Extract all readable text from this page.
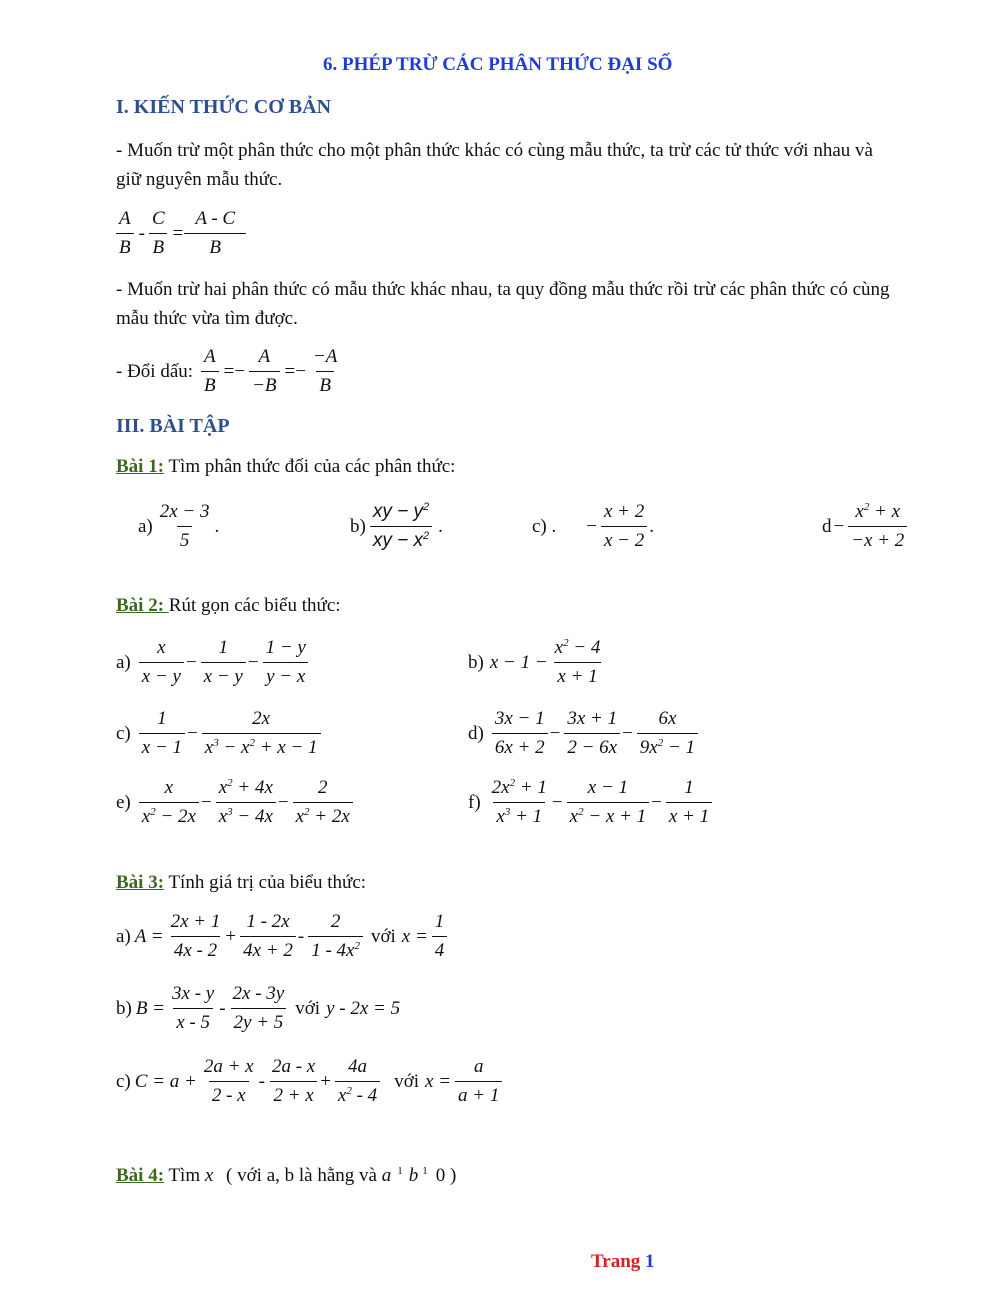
6. PHÉP TRỪ CÁC PHÂN THỨC ĐẠI SỐ
I. KIẾN THỨC CƠ BẢN
- Muốn trừ một phân thức cho một phân thức khác có cùng mẫu thức, ta trừ các tử thức với nhau và giữ nguyên mẫu thức.
$\frac{A}{B} - \frac{C}{B} = \frac{A - C}{B}$
- Muốn trừ hai phân thức có mẫu thức khác nhau, ta quy đồng mẫu thức rồi trừ các phân thức có cùng mẫu thức vừa tìm được.
- Đổi dấu: $\frac{A}{B} =- \frac{A}{-B} =- \frac{-A}{B}$
III. BÀI TẬP
Bài 1: Tìm phân thức đối của các phân thức:
$a) \frac{2x - 3}{5}$ .	$b) \frac{xy - y^2}{xy - x^2}$ .	c) . − $\frac{x + 2}{x - 2}$ .	$d - \frac{x^2 + x}{-x + 2}$
Bài 2: Rút gọn các biểu thức:
$a) \frac{x}{x - y} - \frac{1}{x - y} - \frac{1 - y}{y - x}$	b) $x - 1 - \frac{x^2 - 4}{x + 1}$
$c) \frac{1}{x - 1} - \frac{2x}{x^3 - x^2 + x - 1}$	$d) \frac{3x - 1}{6x + 2} - \frac{3x + 1}{2 - 6x} - \frac{6x}{9x^2 - 1}$
$e) \frac{x}{x^2 - 2x} - \frac{x^2 + 4x}{x^3 - 4x} - \frac{2}{x^2 + 2x}$	$f) \frac{2x^2 + 1}{x^3 + 1} - \frac{x - 1}{x^2 - x + 1} - \frac{1}{x + 1}$
Bài 3: Tính giá trị của biểu thức:
a) $A = \frac{2x + 1}{4x - 2} + \frac{1 - 2x}{4x + 2} - \frac{2}{1 - 4x^2}$ với $x = \frac{1}{4}$
b) $B = \frac{3x - y}{x - 5} - \frac{2x - 3y}{2y + 5}$ với y - 2x = 5
c) $C = a + \frac{2a + x}{2 - x} - \frac{2a - x}{2 + x} + \frac{4a}{x^2 - 4}$ với $x = \frac{a}{a + 1}$
Bài 4: Tìm x ( với a, b là hằng và a $^1$ b $^1$ 0 )
Trang 1
